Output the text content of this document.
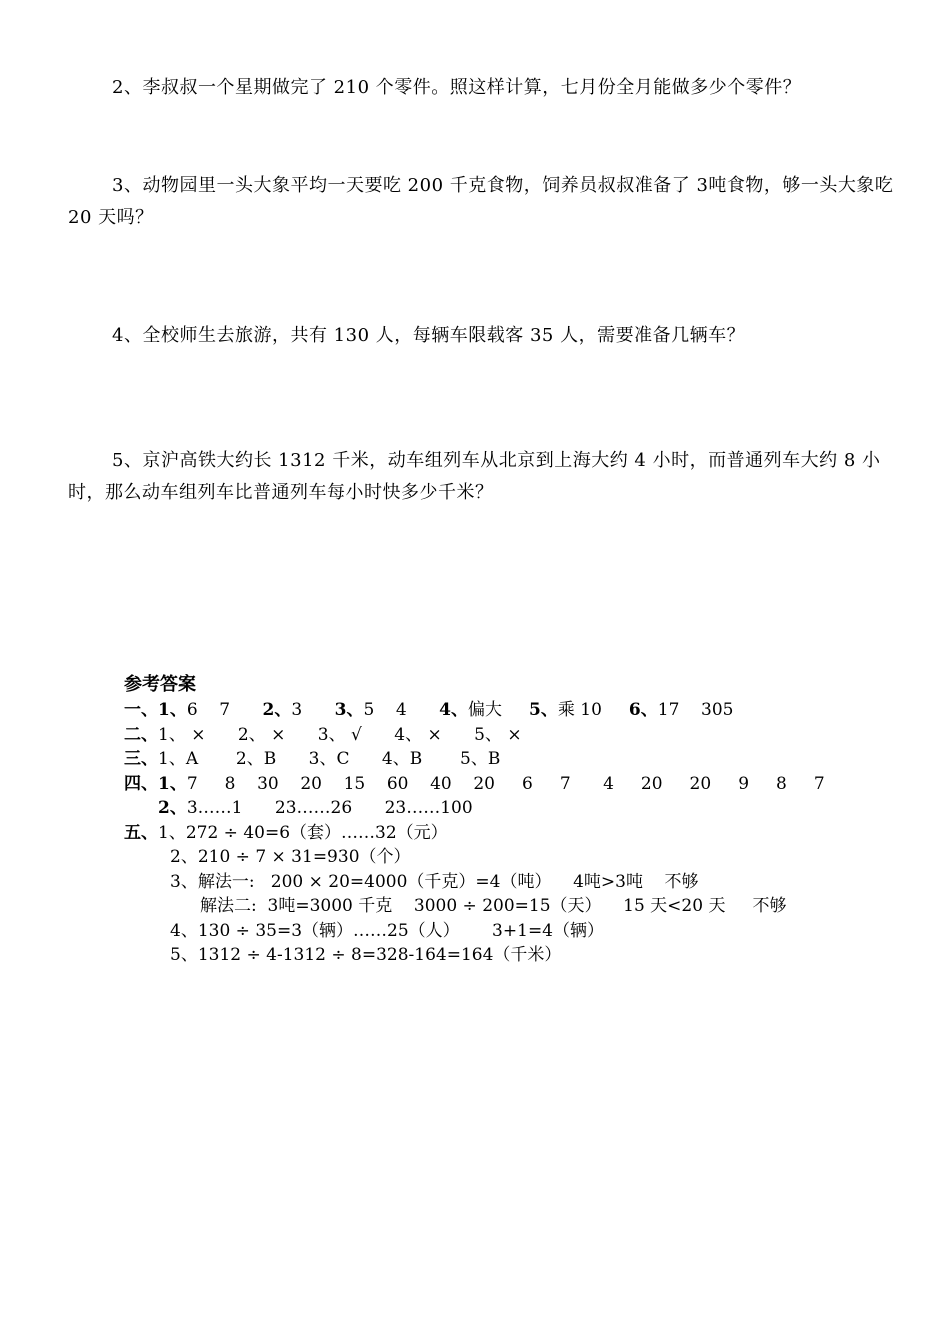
2、李叔叔一个星期做完了 210 个零件。照这样计算，七月份全月能做多少个零件？

3、动物园里一头大象平均一天要吃 200 千克食物，饲养员叔叔准备了 3吨食物，够一头大象吃 20 天吗？

4、全校师生去旅游，共有 130 人，每辆车限载客 35 人，需要准备几辆车？

5、京沪高铁大约长 1312 千米，动车组列车从北京到上海大约 4 小时，而普通列车大约 8 小时，那么动车组列车比普通列车每小时快多少千米？

参考答案
一、1、6    7      2、3      3、5    4      4、偏大     5、乘 10     6、17    305
二、1、 ×      2、 ×      3、 √      4、 ×      5、 ×
三、1、A       2、B      3、C      4、B       5、B
四、1、7     8    30    20    15    60    40    20     6     7      4     20     20     9     8     7
2、3……1      23……26      23……100
五、1、272 ÷ 40=6（套）……32（元）
2、210 ÷ 7 × 31=930（个）
3、解法一:   200 × 20=4000（千克）=4（吨）    4吨>3吨    不够
解法二:  3吨=3000 千克    3000 ÷ 200=15（天）    15 天<20 天     不够
4、130 ÷ 35=3（辆）……25（人）      3+1=4（辆）
5、1312 ÷ 4-1312 ÷ 8=328-164=164（千米）
